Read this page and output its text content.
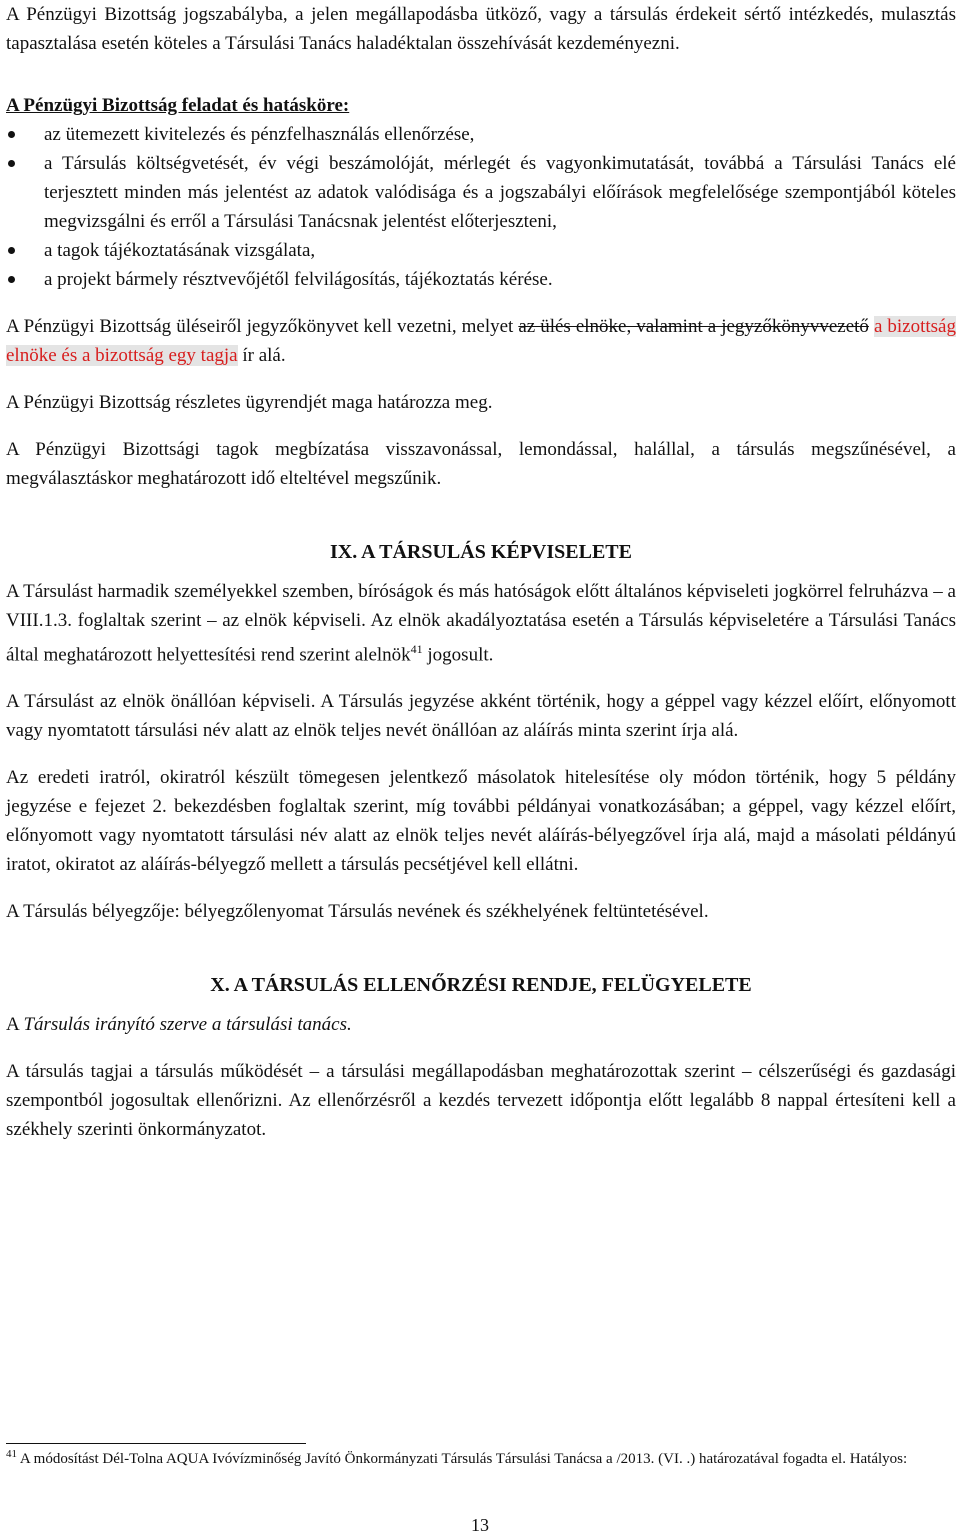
A Pénzügyi Bizottság jogszabályba, a jelen megállapodásba ütköző, vagy a társulás érdekeit sértő intézkedés, mulasztás tapasztalása esetén köteles a Társulási Tanács haladéktalan összehívását kezdeményezni.

A Pénzügyi Bizottság feladat és hatásköre:

az ütemezett kivitelezés és pénzfelhasználás ellenőrzése,
a Társulás költségvetését, év végi beszámolóját, mérlegét és vagyonkimutatását, továbbá a Társulási Tanács elé terjesztett minden más jelentést az adatok valódisága és a jogszabályi előírások megfelelősége szempontjából köteles megvizsgálni és erről a Társulási Tanácsnak jelentést előterjeszteni,
a tagok tájékoztatásának vizsgálata,
a projekt bármely résztvevőjétől felvilágosítás, tájékoztatás kérése.

A Pénzügyi Bizottság üléseiről jegyzőkönyvet kell vezetni, melyet az ülés elnöke, valamint a jegyzőkönyvvezető a bizottság elnöke és a bizottság egy tagja ír alá.

A Pénzügyi Bizottság részletes ügyrendjét maga határozza meg.

A Pénzügyi Bizottsági tagok megbízatása visszavonással, lemondással, halállal, a társulás megszűnésével, a megválasztáskor meghatározott idő elteltével megszűnik.

IX. A TÁRSULÁS KÉPVISELETE

A Társulást harmadik személyekkel szemben, bíróságok és más hatóságok előtt általános képviseleti jogkörrel felruházva – a VIII.1.3. foglaltak szerint – az elnök képviseli. Az elnök akadályoztatása esetén a Társulás képviseletére a Társulási Tanács által meghatározott helyettesítési rend szerint alelnök$^{41}$ jogosult.

A Társulást az elnök önállóan képviseli. A Társulás jegyzése akként történik, hogy a géppel vagy kézzel előírt, előnyomott vagy nyomtatott társulási név alatt az elnök teljes nevét önállóan az aláírás minta szerint írja alá.

Az eredeti iratról, okiratról készült tömegesen jelentkező másolatok hitelesítése oly módon történik, hogy 5 példány jegyzése e fejezet 2. bekezdésben foglaltak szerint, míg további példányai vonatkozásában; a géppel, vagy kézzel előírt, előnyomott vagy nyomtatott társulási név alatt az elnök teljes nevét aláírás-bélyegzővel írja alá, majd a másolati példányú iratot, okiratot az aláírás-bélyegző mellett a társulás pecsétjével kell ellátni.

A Társulás bélyegzője: bélyegzőlenyomat Társulás nevének és székhelyének feltüntetésével.

X. A TÁRSULÁS ELLENŐRZÉSI RENDJE, FELÜGYELETE

A Társulás irányító szerve a társulási tanács.

A társulás tagjai a társulás működését – a társulási megállapodásban meghatározottak szerint – célszerűségi és gazdasági szempontból jogosultak ellenőrizni. Az ellenőrzésről a kezdés tervezett időpontja előtt legalább 8 nappal értesíteni kell a székhely szerinti önkormányzatot.

$^{41}$ A módosítást Dél-Tolna AQUA Ivóvízminőség Javító Önkormányzati Társulás Társulási Tanácsa a /2013. (VI. .) határozatával fogadta el. Hatályos:
13
